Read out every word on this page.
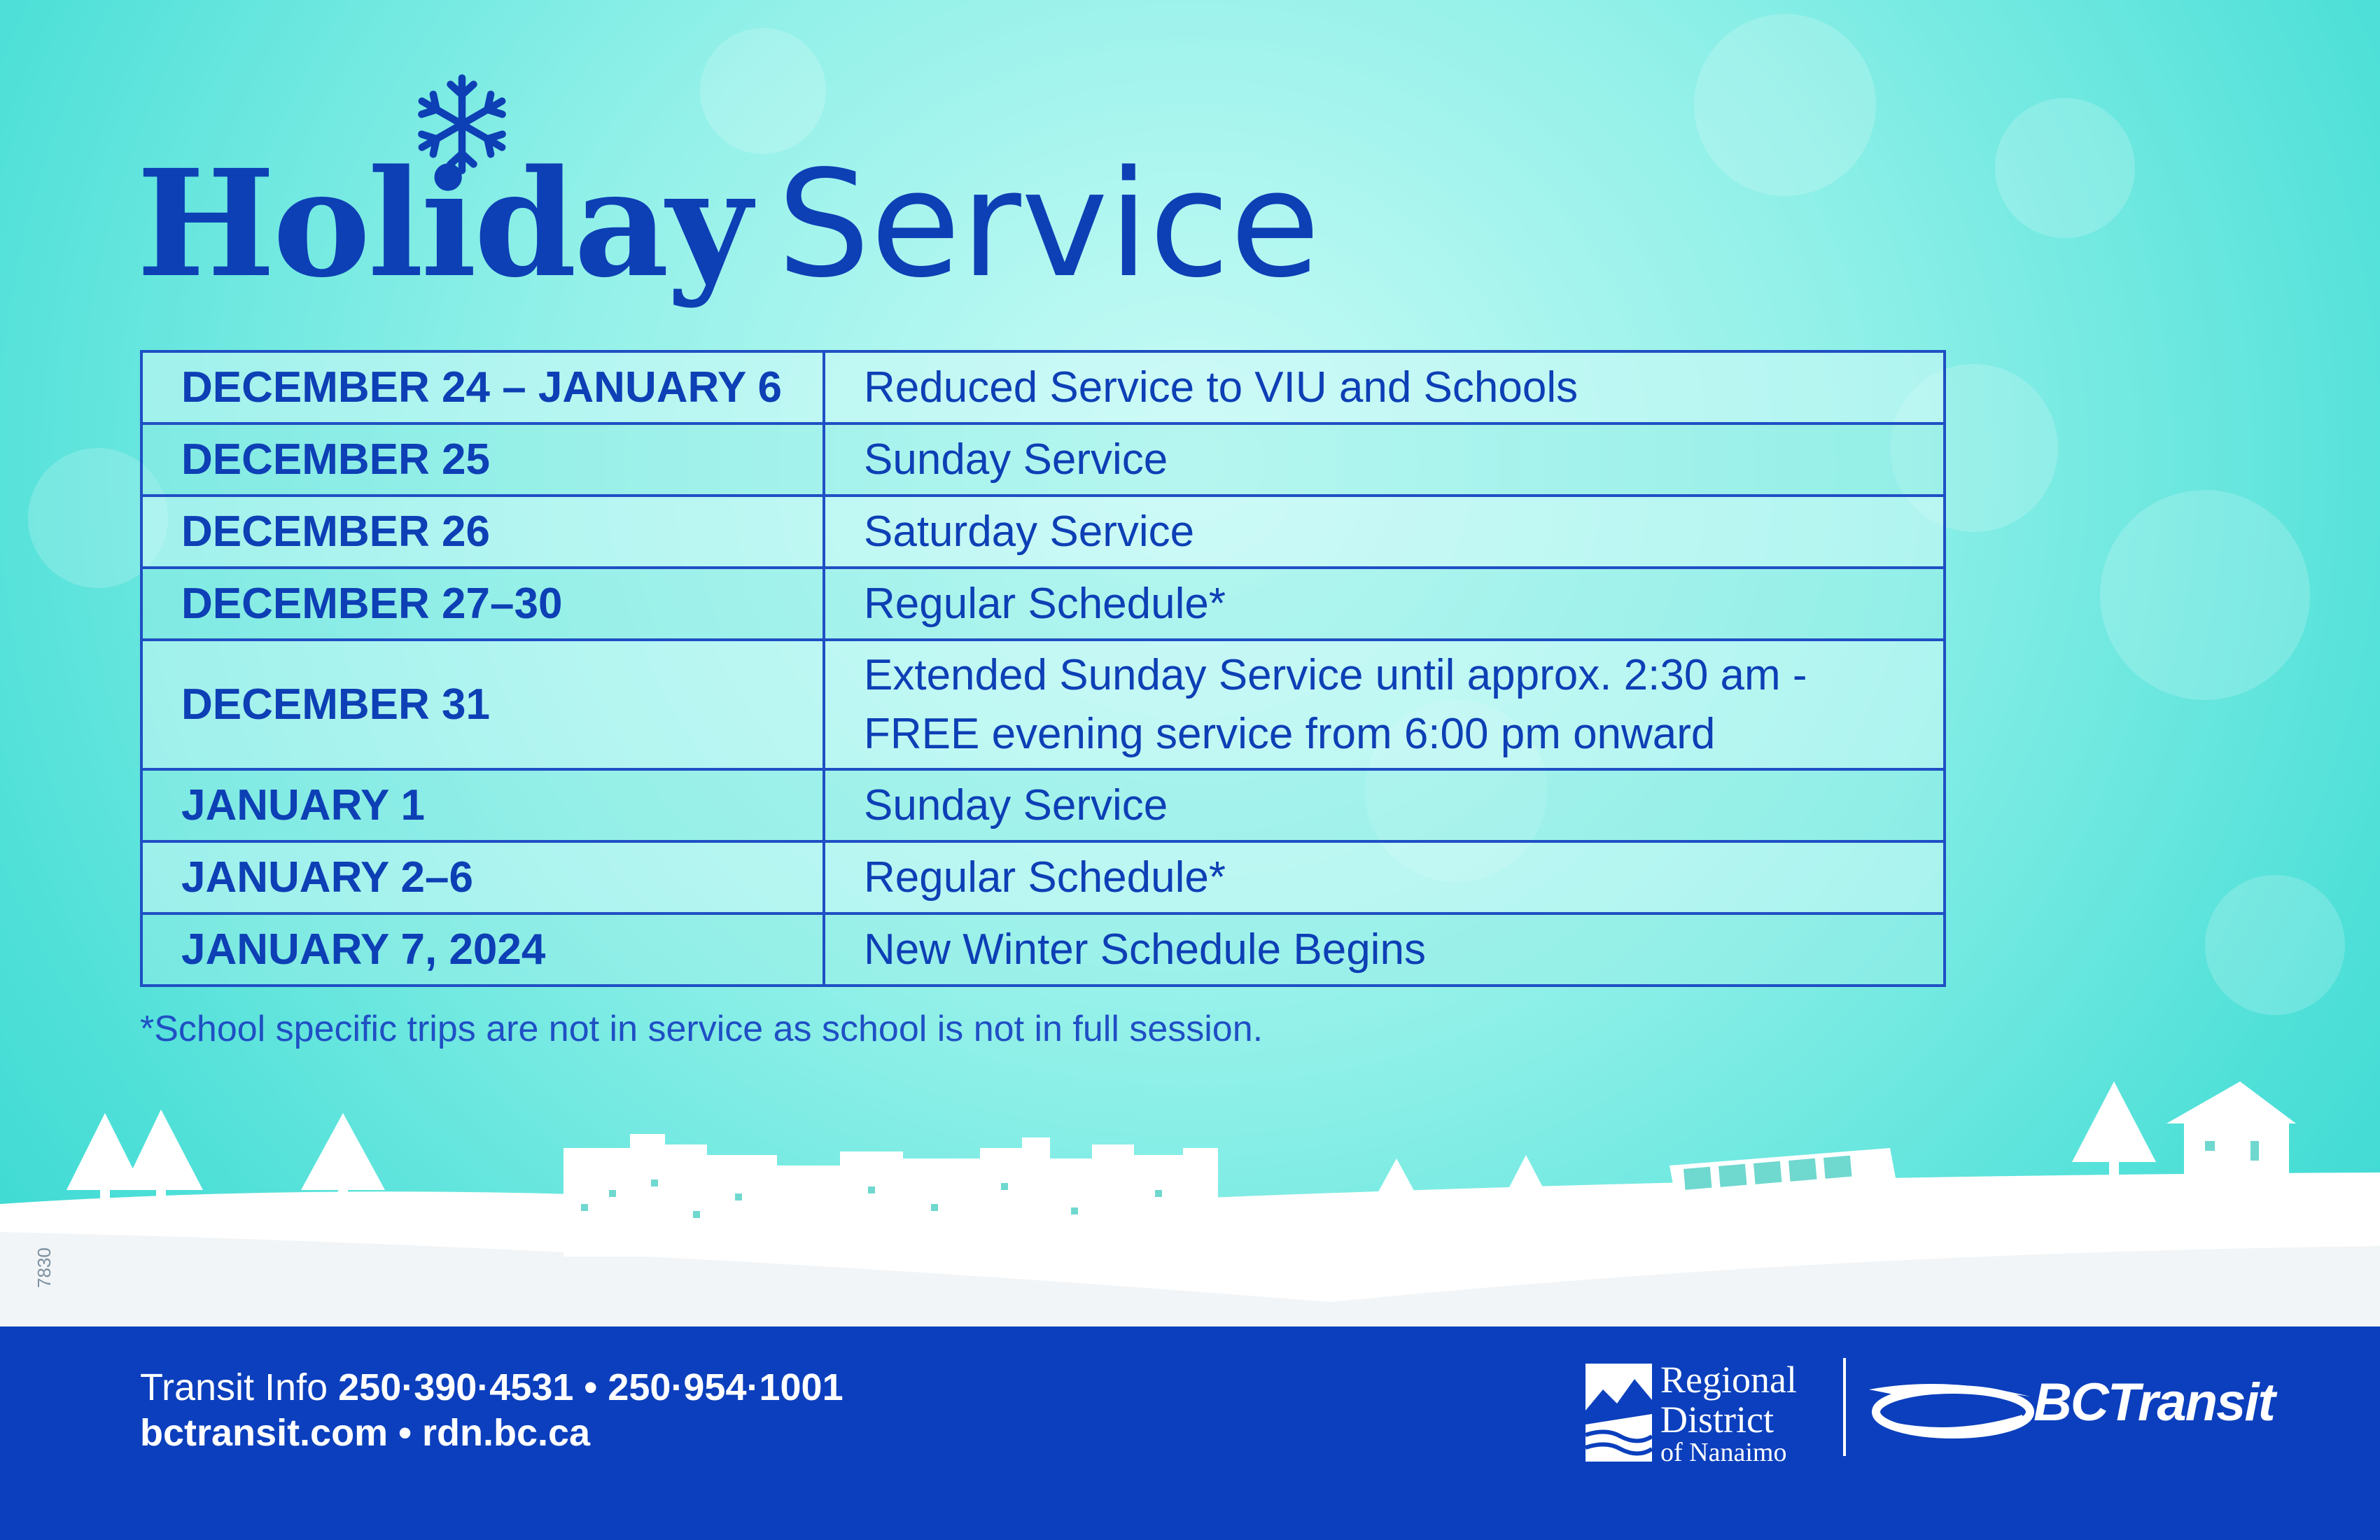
Holiday Service
DECEMBER 24 – JANUARY 6	Reduced Service to VIU and Schools
DECEMBER 25	Sunday Service
DECEMBER 26	Saturday Service
DECEMBER 27–30	Regular Schedule*
DECEMBER 31	Extended Sunday Service until approx. 2:30 am -
FREE evening service from 6:00 pm onward
JANUARY 1	Sunday Service
JANUARY 2–6	Regular Schedule*
JANUARY 7, 2024	New Winter Schedule Begins

*School specific trips are not in service as school is not in full session.

7830
Transit Info 250·390·4531 • 250·954·1001
bctransit.com • rdn.bc.ca
Regional
District
of Nanaimo
BCTransit
